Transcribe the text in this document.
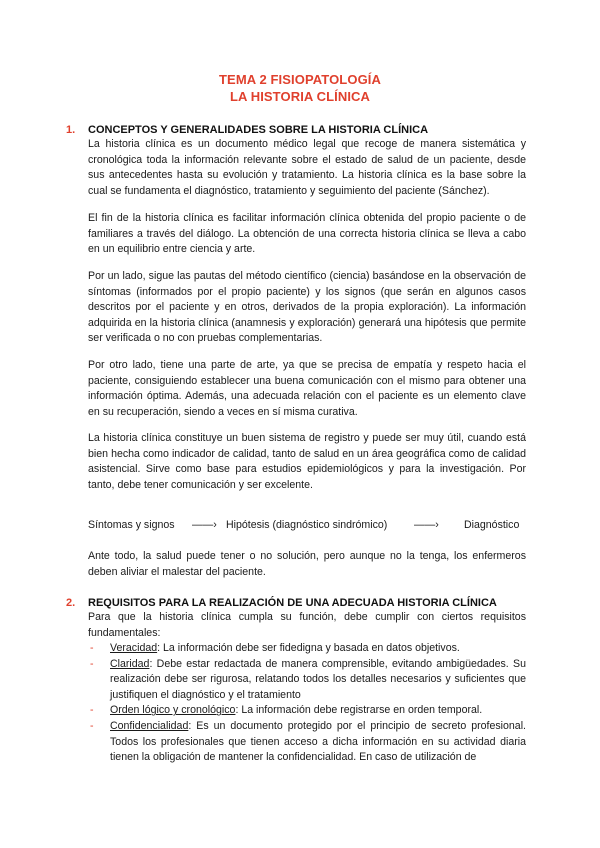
TEMA 2 FISIOPATOLOGÍA
LA HISTORIA CLÍNICA
1. CONCEPTOS Y GENERALIDADES SOBRE LA HISTORIA CLÍNICA

La historia clínica es un documento médico legal que recoge de manera sistemática y cronológica toda la información relevante sobre el estado de salud de un paciente, desde sus antecedentes hasta su evolución y tratamiento. La historia clínica es la base sobre la cual se fundamenta el diagnóstico, tratamiento y seguimiento del paciente (Sánchez).

El fin de la historia clínica es facilitar información clínica obtenida del propio paciente o de familiares a través del diálogo. La obtención de una correcta historia clínica se lleva a cabo en un equilibrio entre ciencia y arte.

Por un lado, sigue las pautas del método científico (ciencia) basándose en la observación de síntomas (informados por el propio paciente) y los signos (que serán en algunos casos descritos por el paciente y en otros, derivados de la propia exploración). La información adquirida en la historia clínica (anamnesis y exploración) generará una hipótesis que permite ser verificada o no con pruebas complementarias.

Por otro lado, tiene una parte de arte, ya que se precisa de empatía y respeto hacia el paciente, consiguiendo establecer una buena comunicación con el mismo para obtener una información óptima. Además, una adecuada relación con el paciente es un elemento clave en su recuperación, siendo a veces en sí misma curativa.

La historia clínica constituye un buen sistema de registro y puede ser muy útil, cuando está bien hecha como indicador de calidad, tanto de salud en un área geográfica como de calidad asistencial. Sirve como base para estudios epidemiológicos y para la investigación. Por tanto, debe tener comunicación y ser excelente.

Síntomas y signos ——› Hipótesis (diagnóstico sindrómico)	——› Diagnóstico

Ante todo, la salud puede tener o no solución, pero aunque no la tenga, los enfermeros deben aliviar el malestar del paciente.

2. REQUISITOS PARA LA REALIZACIÓN DE UNA ADECUADA HISTORIA CLÍNICA

Para que la historia clínica cumpla su función, debe cumplir con ciertos requisitos fundamentales:

- Veracidad: La información debe ser fidedigna y basada en datos objetivos.
- Claridad: Debe estar redactada de manera comprensible, evitando ambigüedades. Su realización debe ser rigurosa, relatando todos los detalles necesarios y suficientes que justifiquen el diagnóstico y el tratamiento
- Orden lógico y cronológico: La información debe registrarse en orden temporal.
- Confidencialidad: Es un documento protegido por el principio de secreto profesional. Todos los profesionales que tienen acceso a dicha información en su actividad diaria tienen la obligación de mantener la confidencialidad. En caso de utilización de
